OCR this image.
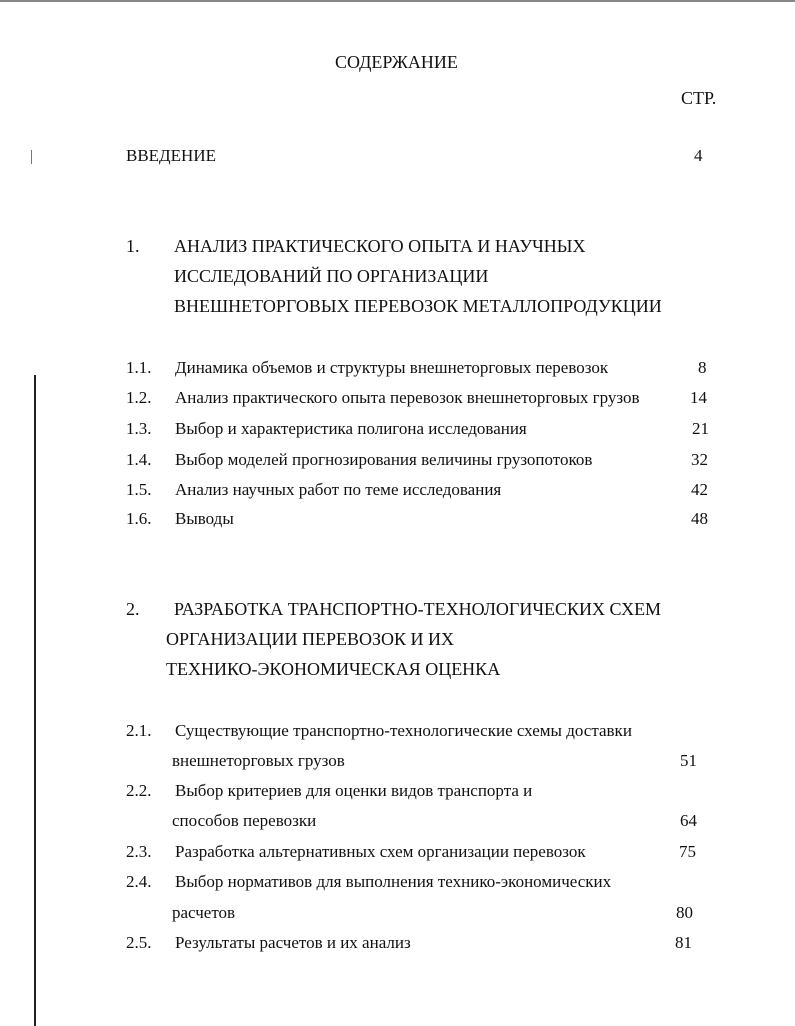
СОДЕРЖАНИЕ
СТР.
ВВЕДЕНИЕ	4
1. АНАЛИЗ ПРАКТИЧЕСКОГО ОПЫТА И НАУЧНЫХ
ИССЛЕДОВАНИЙ ПО ОРГАНИЗАЦИИ
ВНЕШНЕТОРГОВЫХ ПЕРЕВОЗОК МЕТАЛЛОПРОДУКЦИИ
1.1. Динамика объемов и структуры внешнеторговых перевозок	8
1.2. Анализ практического опыта перевозок внешнеторговых грузов	14
1.3. Выбор и характеристика полигона исследования	21
1.4. Выбор моделей прогнозирования величины грузопотоков	32
1.5. Анализ научных работ по теме исследования	42
1.6. Выводы	48
2. РАЗРАБОТКА ТРАНСПОРТНО-ТЕХНОЛОГИЧЕСКИХ СХЕМ
ОРГАНИЗАЦИИ ПЕРЕВОЗОК И ИХ
ТЕХНИКО-ЭКОНОМИЧЕСКАЯ ОЦЕНКА
2.1. Существующие транспортно-технологические схемы доставки
внешнеторговых грузов	51
2.2. Выбор критериев для оценки видов транспорта и
способов перевозки	64
2.3. Разработка альтернативных схем организации перевозок	75
2.4. Выбор нормативов для выполнения технико-экономических
расчетов	80
2.5. Результаты расчетов и их анализ	81
